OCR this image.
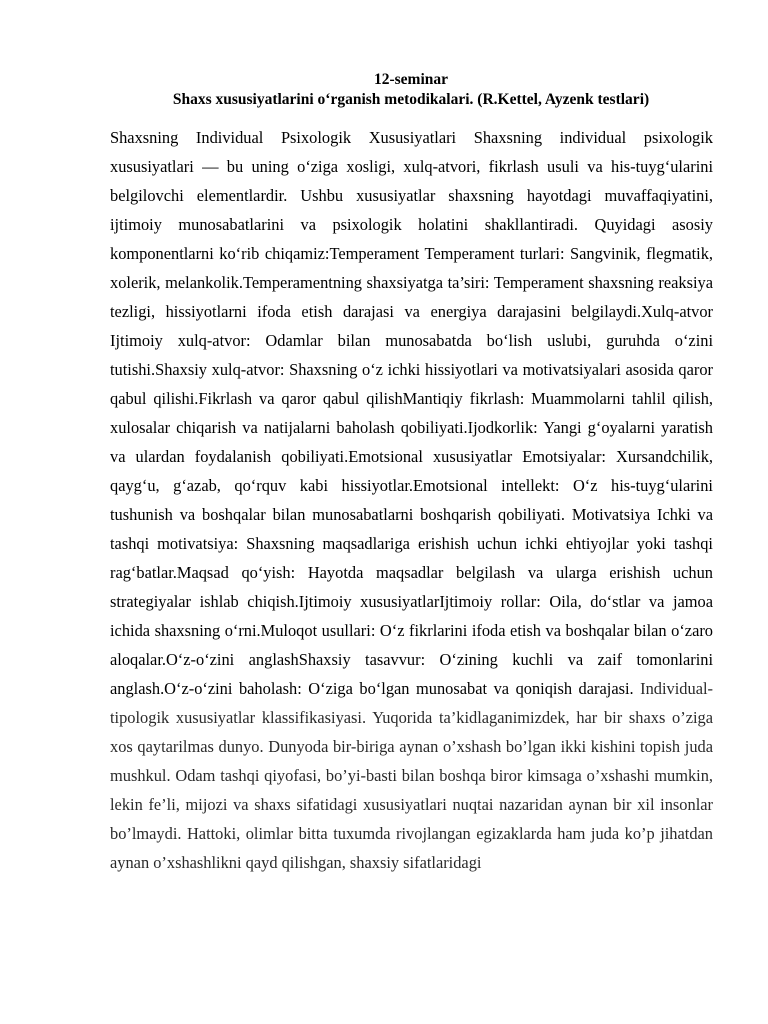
12-seminar
Shaxs xususiyatlarini o‘rganish metodikalari. (R.Kettel, Ayzenk testlari)

Shaxsning Individual Psixologik Xususiyatlari Shaxsning individual psixologik xususiyatlari — bu uning o‘ziga xosligi, xulq-atvori, fikrlash usuli va his-tuyg‘ularini belgilovchi elementlardir. Ushbu xususiyatlar shaxsning hayotdagi muvaffaqiyatini, ijtimoiy munosabatlarini va psixologik holatini shakllantiradi. Quyidagi asosiy komponentlarni ko‘rib chiqamiz:Temperament Temperament turlari: Sangvinik, flegmatik, xolerik, melankolik.Temperamentning shaxsiyatga ta’siri: Temperament shaxsning reaksiya tezligi, hissiyotlarni ifoda etish darajasi va energiya darajasini belgilaydi.Xulq-atvor Ijtimoiy xulq-atvor: Odamlar bilan munosabatda bo‘lish uslubi, guruhda o‘zini tutishi.Shaxsiy xulq-atvor: Shaxsning o‘z ichki hissiyotlari va motivatsiyalari asosida qaror qabul qilishi.Fikrlash va qaror qabul qilishMantiqiy fikrlash: Muammolarni tahlil qilish, xulosalar chiqarish va natijalarni baholash qobiliyati.Ijodkorlik: Yangi g‘oyalarni yaratish va ulardan foydalanish qobiliyati.Emotsional xususiyatlar Emotsiyalar: Xursandchilik, qayg‘u, g‘azab, qo‘rquv kabi hissiyotlar.Emotsional intellekt: O‘z his-tuyg‘ularini tushunish va boshqalar bilan munosabatlarni boshqarish qobiliyati. Motivatsiya Ichki va tashqi motivatsiya: Shaxsning maqsadlariga erishish uchun ichki ehtiyojlar yoki tashqi rag‘batlar.Maqsad qo‘yish: Hayotda maqsadlar belgilash va ularga erishish uchun strategiyalar ishlab chiqish.Ijtimoiy xususiyatlarIjtimoiy rollar: Oila, do‘stlar va jamoa ichida shaxsning o‘rni.Muloqot usullari: O‘z fikrlarini ifoda etish va boshqalar bilan o‘zaro aloqalar.O‘z-o‘zini anglashShaxsiy tasavvur: O‘zining kuchli va zaif tomonlarini anglash.O‘z-o‘zini baholash: O‘ziga bo‘lgan munosabat va qoniqish darajasi. Individual-tipologik xususiyatlar klassifikasiyasi. Yuqorida ta’kidlaganimizdek, har bir shaxs o’ziga xos qaytarilmas dunyo. Dunyoda bir-biriga aynan o’xshash bo’lgan ikki kishini topish juda mushkul. Odam tashqi qiyofasi, bo’yi-basti bilan boshqa biror kimsaga o’xshashi mumkin, lekin fe’li, mijozi va shaxs sifatidagi xususiyatlari nuqtai nazaridan aynan bir xil insonlar bo’lmaydi. Hattoki, olimlar bitta tuxumda rivojlangan egizaklarda ham juda ko’p jihatdan aynan o’xshashlikni qayd qilishgan, shaxsiy sifatlaridagi
